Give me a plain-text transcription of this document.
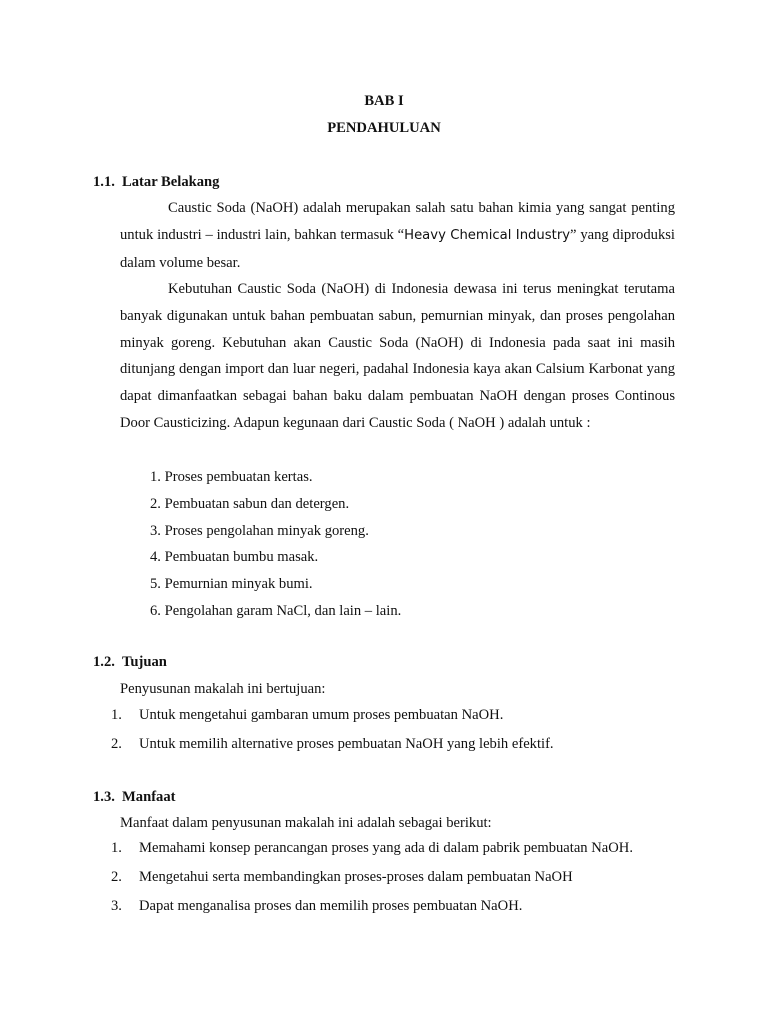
BAB I
PENDAHULUAN
1.1. Latar Belakang

Caustic Soda (NaOH) adalah merupakan salah satu bahan kimia yang sangat penting untuk industri – industri lain, bahkan termasuk “Heavy Chemical Industry” yang diproduksi dalam volume besar.

Kebutuhan Caustic Soda (NaOH) di Indonesia dewasa ini terus meningkat terutama banyak digunakan untuk bahan pembuatan sabun, pemurnian minyak, dan proses pengolahan minyak goreng. Kebutuhan akan Caustic Soda (NaOH) di Indonesia pada saat ini masih ditunjang dengan import dan luar negeri, padahal Indonesia kaya akan Calsium Karbonat yang dapat dimanfaatkan sebagai bahan baku dalam pembuatan NaOH dengan proses Continous Door Causticizing. Adapun kegunaan dari Caustic Soda ( NaOH ) adalah untuk :

1. Proses pembuatan kertas.
2. Pembuatan sabun dan detergen.
3. Proses pengolahan minyak goreng.
4. Pembuatan bumbu masak.
5. Pemurnian minyak bumi.
6. Pengolahan garam NaCl, dan lain – lain.
1.2. Tujuan

Penyusunan makalah ini bertujuan:

1. Untuk mengetahui gambaran umum proses pembuatan NaOH.
2. Untuk memilih alternative proses pembuatan NaOH yang lebih efektif.
1.3. Manfaat

Manfaat dalam penyusunan makalah ini adalah sebagai berikut:

1. Memahami konsep perancangan proses yang ada di dalam pabrik pembuatan NaOH.
2. Mengetahui serta membandingkan proses-proses dalam pembuatan NaOH
3. Dapat menganalisa proses dan memilih proses pembuatan NaOH.
